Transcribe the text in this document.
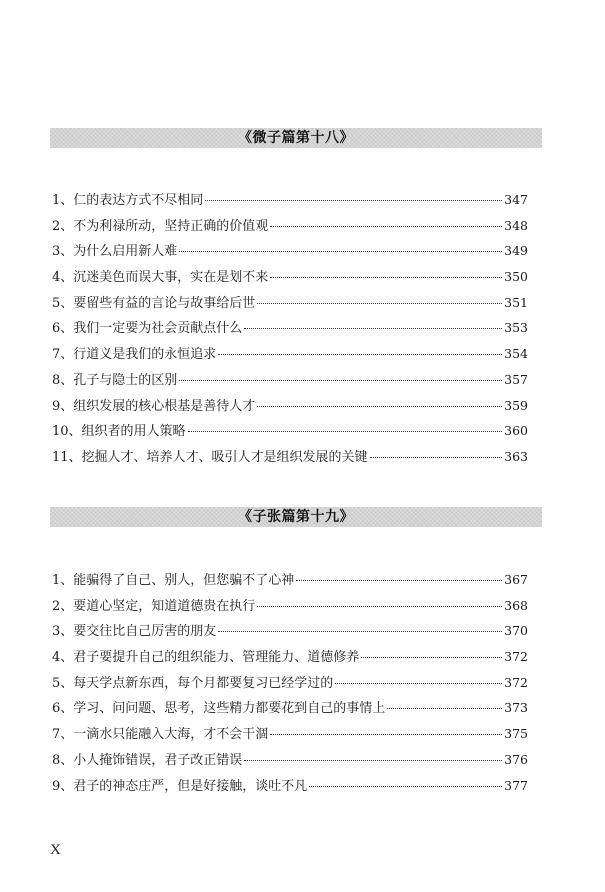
《微子篇第十八》
1、仁的表达方式不尽相同	347
2、不为利禄所动，坚持正确的价值观	348
3、为什么启用新人难	349
4、沉迷美色而误大事，实在是划不来	350
5、要留些有益的言论与故事给后世	351
6、我们一定要为社会贡献点什么	353
7、行道义是我们的永恒追求	354
8、孔子与隐士的区别	357
9、组织发展的核心根基是善待人才	359
10、组织者的用人策略	360
11、挖掘人才、培养人才、吸引人才是组织发展的关键	363
《子张篇第十九》
1、能骗得了自己、别人，但您骗不了心神	367
2、要道心坚定，知道道德贵在执行	368
3、要交往比自己厉害的朋友	370
4、君子要提升自己的组织能力、管理能力、道德修养	372
5、每天学点新东西，每个月都要复习已经学过的	372
6、学习、问问题、思考，这些精力都要花到自己的事情上	373
7、一滴水只能融入大海，才不会干涸	375
8、小人掩饰错误，君子改正错误	376
9、君子的神态庄严，但是好接触，谈吐不凡	377
X
